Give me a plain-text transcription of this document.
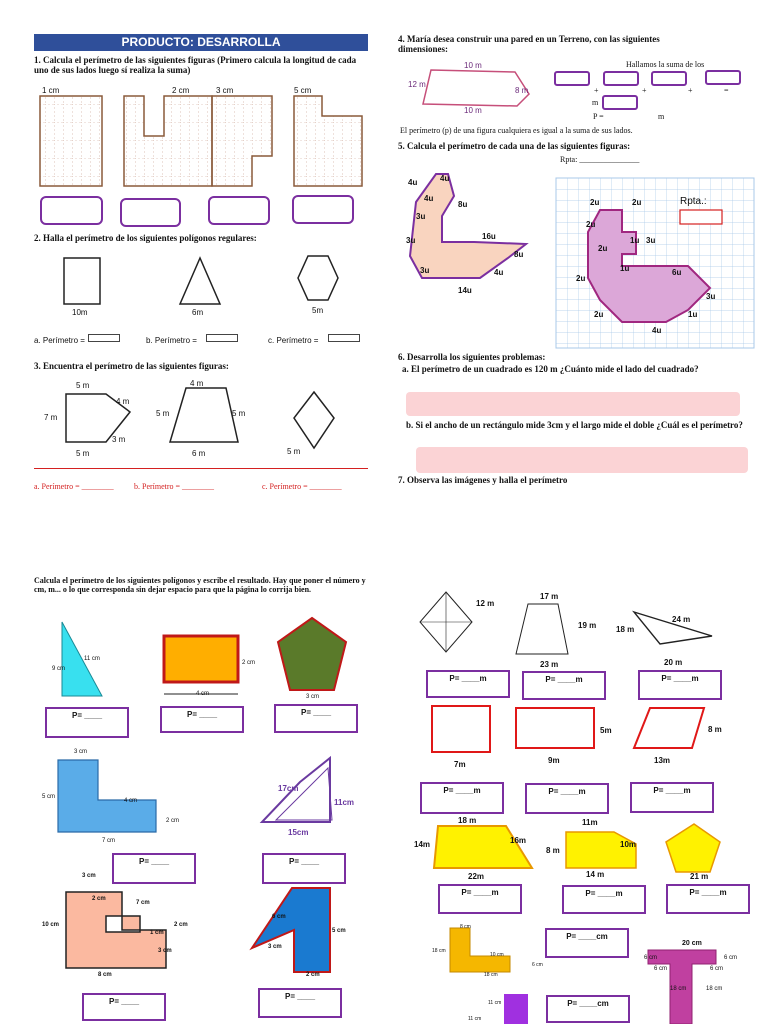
PRODUCTO: DESARROLLA
1. Calcula el perímetro de las siguientes figuras (Primero calcula la longitud de cada uno de sus lados luego sí realiza la suma)
1 cm	2 cm	3 cm	5 cm
2. Halla el perímetro de los siguientes polígonos regulares:
10m	6m	5m
a. Perímetro =	b. Perímetro =	c. Perímetro =
3. Encuentra el perímetro de las siguientes figuras:
5 m
4 m
7 m
3 m
5 m
4 m
5 m	5 m
6 m	5 m
a. Perímetro = ________	b. Perímetro = ________	c. Perímetro = ________
4. María desea construir una pared en un Terreno, con las siguientes dimensiones:
10 m
12 m
8 m
10 m
Hallamos la suma de los
+	+	+	=
m
P =	m
El perímetro (p) de una figura cualquiera es igual a la suma de sus lados.
5. Calcula el perímetro de cada una de las siguientes figuras:
Rpta: _______________
4u	4u
4u
8u
3u
3u	16u
8u
3u	4u
14u
Rpta.:
2u	2u
2u
1u 3u
2u
1u	6u
2u
3u
2u	1u
4u
6. Desarrolla los siguientes problemas:
a. El perímetro de un cuadrado es 120 m ¿Cuánto mide el lado del cuadrado?
b. Si el ancho de un rectángulo mide 3cm y el largo mide el doble ¿Cuál es el perímetro?
7. Observa las imágenes y halla el perímetro
Calcula el perímetro de los siguientes polígonos y escribe el resultado. Hay que poner el número y cm, m... o lo que corresponda sin dejar espacio para que la página lo corrija bien.
11 cm
9 cm
2 cm
4 cm	3 cm
P= ____	P= ____	P= ____
3 cm
5 cm
4 cm
2 cm
7 cm
17cm
11cm
15cm
P= ____	P= ____
3 cm
2 cm
7 cm
10 cm	2 cm
1 cm
3 cm
8 cm
6 cm
3 cm
5 cm
2 cm
P= ____
P= ____
12 m
17 m
19 m
23 m
24 m
18 m
20 m
P= ____m	P= ____m	P= ____m
5m	8 m
7m	9m	13m
P= ____m	P= ____m	P= ____m
18 m	11m
14m	16m
8 m
10m
22m	14 m	21 m
P= ____m	P= ____m	P= ____m
8 cm
18 cm
10 cm
6 cm
18 cm
20 cm
6 cm	6 cm
6 cm
18 cm	18 cm
6 cm
11 cm
11 cm
P= ____cm
P= ____cm
